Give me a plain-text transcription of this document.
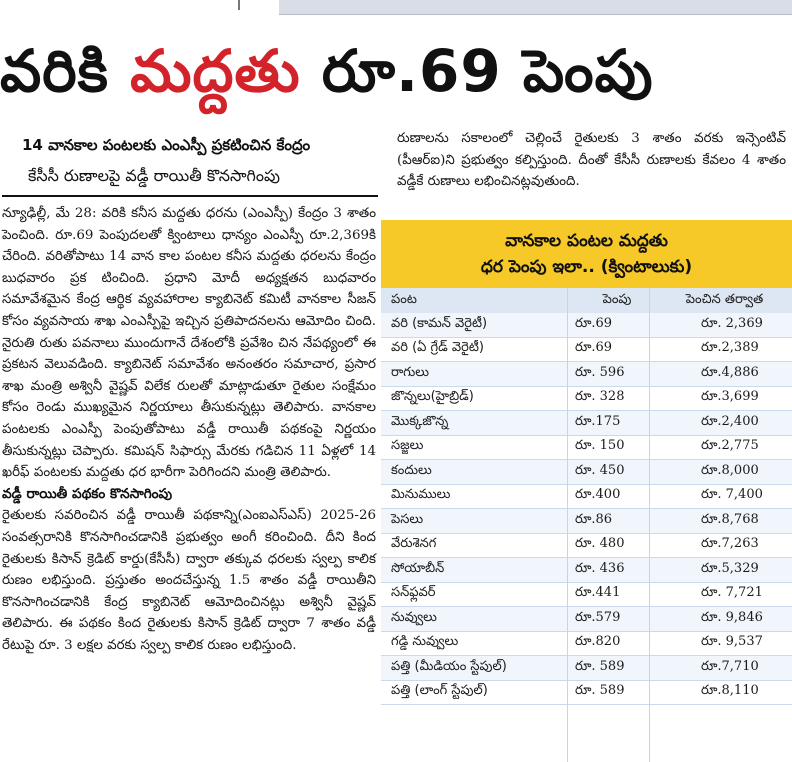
వరికి మద్దతు రూ.69 పెంపు
14 వానకాల పంటలకు ఎంఎస్పీ ప్రకటించిన కేంద్రం
కేసీసీ రుణాలపై వడ్డీ రాయితీ కొనసాగింపు
న్యూఢిల్లీ, మే 28: వరికి కనీస మద్దతు ధరను (ఎంఎస్పీ) కేంద్రం 3 శాతం పెంచింది. రూ.69 పెంపుదలతో క్వింటాలు ధాన్యం ఎంఎస్పీ రూ.2,369కి చేరింది. వరితోపాటు 14 వాన కాల పంటల కనీస మద్దతు ధరలను కేంద్రం బుధవారం ప్రక టించింది. ప్రధాని మోదీ అధ్యక్షతన బుధవారం సమావేశమైన కేంద్ర ఆర్థిక వ్యవహారాల క్యాబినెట్ కమిటీ వానకాల సీజన్ కోసం వ్యవసాయ శాఖ ఎంఎస్పీపై ఇచ్చిన ప్రతిపాదనలను ఆమోదిం చింది. నైరుతి రుతు పవనాలు ముందుగానే దేశంలోకి ప్రవేశిం చిన నేపథ్యంలో ఈ ప్రకటన వెలువడింది. క్యాబినెట్ సమావేశం అనంతరం సమాచార, ప్రసార శాఖ మంత్రి అశ్వినీ వైష్ణవ్ విలేక రులతో మాట్లాడుతూ రైతుల సంక్షేమం కోసం రెండు ముఖ్యమైన నిర్ణయాలు తీసుకున్నట్లు తెలిపారు. వానకాల పంటలకు ఎంఎస్పీ పెంపుతోపాటు వడ్డీ రాయితీ పథకంపై నిర్ణయం తీసుకున్నట్లు చెప్పారు. కమిషన్ సిఫార్సు మేరకు గడిచిన 11 ఏళ్లలో 14 ఖరీఫ్ పంటలకు మద్దతు ధర భారీగా పెరిగిందని మంత్రి తెలిపారు.
వడ్డీ రాయితీ పథకం కొనసాగింపు
రైతులకు సవరించిన వడ్డీ రాయితీ పథకాన్ని(ఎంఐఎస్ఎస్) 2025-26 సంవత్సరానికి కొనసాగించడానికి ప్రభుత్వం అంగీ కరించింది. దీని కింద రైతులకు కిసాన్ క్రెడిట్ కార్డు(కేసీసీ) ద్వారా తక్కువ ధరలకు స్వల్ప కాలిక రుణం లభిస్తుంది. ప్రస్తుతం అందచేస్తున్న 1.5 శాతం వడ్డీ రాయితీని కొనసాగించడానికి కేంద్ర క్యాబినెట్ ఆమోదించినట్లు అశ్వినీ వైష్ణవ్ తెలిపారు. ఈ పథకం కింద రైతులకు కిసాన్ క్రెడిట్ ద్వారా 7 శాతం వడ్డీ రేటుపై రూ. 3 లక్షల వరకు స్వల్ప కాలిక రుణం లభిస్తుంది.
రుణాలను సకాలంలో చెల్లించే రైతులకు 3 శాతం వరకు ఇన్సెంటివ్ (పీఆర్ఐ)ని ప్రభుత్వం కల్పిస్తుంది. దీంతో కేసీసీ రుణాలకు కేవలం 4 శాతం వడ్డీకే రుణాలు లభించినట్లవుతుంది.
వానకాల పంటల మద్దతు
ధర పెంపు ఇలా.. (క్వింటాలుకు)
పంట	పెంపు	పెంచిన తర్వాత
వరి (కామన్ వెరైటీ)	రూ.69	రూ. 2,369
వరి (ఏ గ్రేడ్ వెరైటీ)	రూ.69	రూ.2,389
రాగులు	రూ. 596	రూ.4,886
జొన్నలు(హైబ్రిడ్)	రూ. 328	రూ.3,699
మొక్కజొన్న	రూ.175	రూ.2,400
సజ్జలు	రూ. 150	రూ.2,775
కందులు	రూ. 450	రూ.8,000
మినుములు	రూ.400	రూ. 7,400
పెసలు	రూ.86	రూ.8,768
వేరుశెనగ	రూ. 480	రూ.7,263
సోయాబీన్	రూ. 436	రూ.5,329
సన్‌ఫ్లవర్	రూ.441	రూ. 7,721
నువ్వులు	రూ.579	రూ. 9,846
గడ్డి నువ్వులు	రూ.820	రూ. 9,537
పత్తి (మీడియం స్టేపుల్)	రూ. 589	రూ.7,710
పత్తి (లాంగ్ స్టేపుల్)	రూ. 589	రూ.8,110
